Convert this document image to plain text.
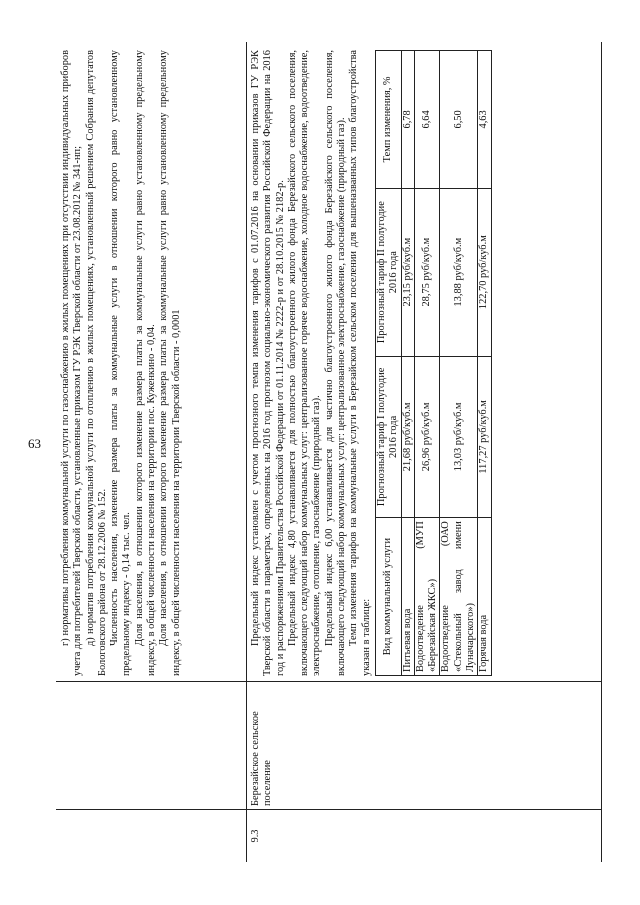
63 г) нормативы потребления коммунальной услуги по газоснабжению в жилых помещениях при отсутствии индивидуальных приборов учета для потребителей Тверской области, установленные приказом ГУ РЭК Тверской области от 23.08.2012 № 341-нп; д) норматив потребления коммунальной услуги по отоплению в жилых помещениях, установленный решением Собрания депутатов Бологовского района от 28.12.2006 № 152. Численность населения, изменение размера платы за коммунальные услуги в отношении которого равно установленному предельному индексу - 0,14 тыс. чел. Доля населения, в отношении которого изменение размера платы за коммунальные услуги равно установленному предельному индексу, в общей численности населения на территории пос. Куженкино - 0,04. Доля населения, в отношении которого изменение размера платы за коммунальные услуги равно установленному предельному индексу, в общей численности населения на территории Тверской области - 0,0001

9.3
Березайское сельское поселение

Предельный индекс установлен с учетом прогнозного темпа изменения тарифов с 01.07.2016 на основании приказов ГУ РЭК Тверской области в параметрах, определенных на 2016 год прогнозом социально-экономического развития Российской Федерации на 2016 год и распоряжениями Правительства Российской Федерации от 01.11.2014 № 2222-р и от 28.10.2015 № 2182-р. Предельный индекс 4,80 устанавливается для полностью благоустроенного жилого фонда Березайского сельского поселения, включающего следующий набор коммунальных услуг: централизованное горячее водоснабжение, холодное водоснабжение, водоотведение, электроснабжение, отопление, газоснабжение (природный газ). Предельный индекс 6,00 устанавливается для частично благоустроенного жилого фонда Березайского сельского поселения, включающего следующий набор коммунальных услуг: централизованное электроснабжение, газоснабжение (природный газ). Темп изменения тарифов на коммунальные услуги в Березайском сельском поселении для вышеназванных типов благоустройства указан в таблице: Вид коммунальной услуги	Прогнозный тариф I полугодие 2016 года	Прогнозный тариф II полугодие 2016 года	Темп изменения, %
Питьевая вода	21,68 руб/куб.м	23,15 руб/куб.м	6,78
Водоотведение (МУП «Березайская ЖКС»)	26,96 руб/куб.м	28,75 руб/куб.м	6,64
Водоотведение (ОАО «Стекольный завод имени Луначарского»)	13,03 руб/куб.м	13,88 руб/куб.м	6,50
Горячая вода	117,27 руб/куб.м	122,70 руб/куб.м	4,63
